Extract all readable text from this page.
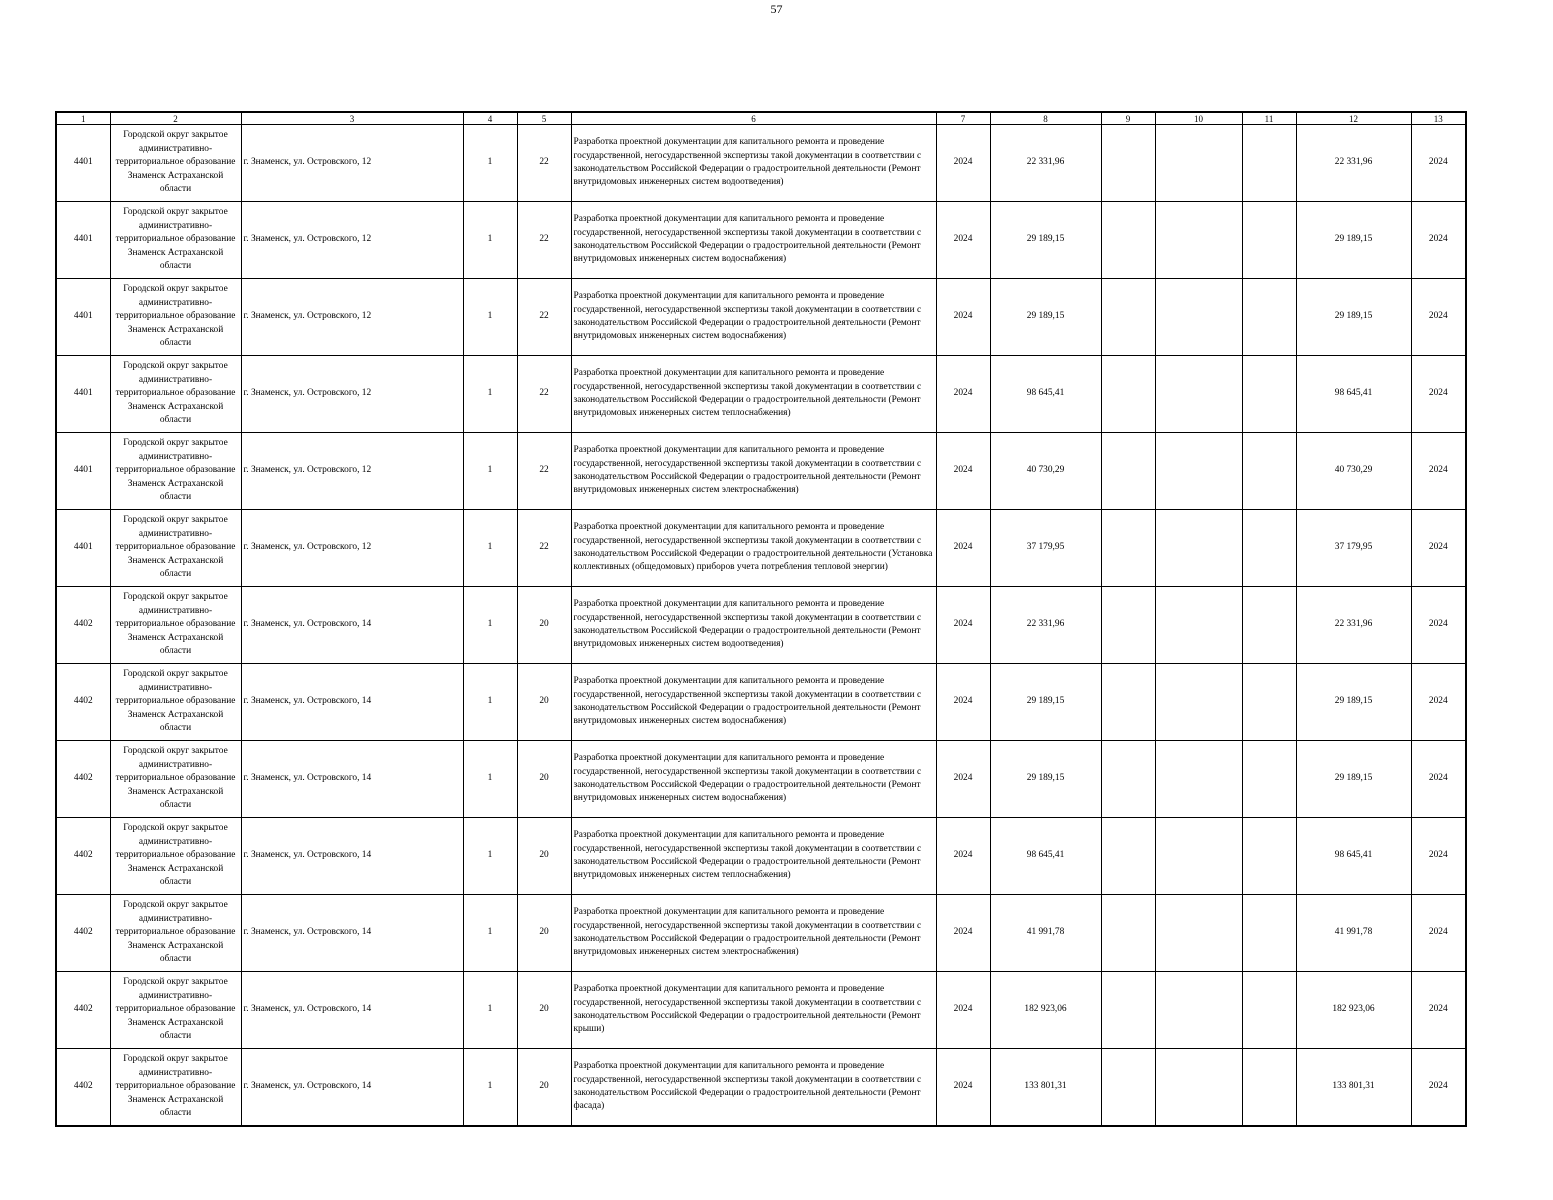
57
1	2	3	4	5	6	7	8	9	10	11	12	13
4401	Городской округ закрытое административно-территориальное образование Знаменск Астраханской области	г. Знаменск, ул. Островского, 12	1	22	Разработка проектной документации для капитального ремонта и проведение государственной, негосударственной экспертизы такой документации в соответствии с законодательством Российской Федерации о градостроительной деятельности (Ремонт внутридомовых инженерных систем водоотведения)	2024	22 331,96				22 331,96	2024
4401	Городской округ закрытое административно-территориальное образование Знаменск Астраханской области	г. Знаменск, ул. Островского, 12	1	22	Разработка проектной документации для капитального ремонта и проведение государственной, негосударственной экспертизы такой документации в соответствии с законодательством Российской Федерации о градостроительной деятельности (Ремонт внутридомовых инженерных систем водоснабжения)	2024	29 189,15				29 189,15	2024
4401	Городской округ закрытое административно-территориальное образование Знаменск Астраханской области	г. Знаменск, ул. Островского, 12	1	22	Разработка проектной документации для капитального ремонта и проведение государственной, негосударственной экспертизы такой документации в соответствии с законодательством Российской Федерации о градостроительной деятельности (Ремонт внутридомовых инженерных систем водоснабжения)	2024	29 189,15				29 189,15	2024
4401	Городской округ закрытое административно-территориальное образование Знаменск Астраханской области	г. Знаменск, ул. Островского, 12	1	22	Разработка проектной документации для капитального ремонта и проведение государственной, негосударственной экспертизы такой документации в соответствии с законодательством Российской Федерации о градостроительной деятельности (Ремонт внутридомовых инженерных систем теплоснабжения)	2024	98 645,41				98 645,41	2024
4401	Городской округ закрытое административно-территориальное образование Знаменск Астраханской области	г. Знаменск, ул. Островского, 12	1	22	Разработка проектной документации для капитального ремонта и проведение государственной, негосударственной экспертизы такой документации в соответствии с законодательством Российской Федерации о градостроительной деятельности (Ремонт внутридомовых инженерных систем электроснабжения)	2024	40 730,29				40 730,29	2024
4401	Городской округ закрытое административно-территориальное образование Знаменск Астраханской области	г. Знаменск, ул. Островского, 12	1	22	Разработка проектной документации для капитального ремонта и проведение государственной, негосударственной экспертизы такой документации в соответствии с законодательством Российской Федерации о градостроительной деятельности (Установка коллективных (общедомовых) приборов учета потребления тепловой энергии)	2024	37 179,95				37 179,95	2024
4402	Городской округ закрытое административно-территориальное образование Знаменск Астраханской области	г. Знаменск, ул. Островского, 14	1	20	Разработка проектной документации для капитального ремонта и проведение государственной, негосударственной экспертизы такой документации в соответствии с законодательством Российской Федерации о градостроительной деятельности (Ремонт внутридомовых инженерных систем водоотведения)	2024	22 331,96				22 331,96	2024
4402	Городской округ закрытое административно-территориальное образование Знаменск Астраханской области	г. Знаменск, ул. Островского, 14	1	20	Разработка проектной документации для капитального ремонта и проведение государственной, негосударственной экспертизы такой документации в соответствии с законодательством Российской Федерации о градостроительной деятельности (Ремонт внутридомовых инженерных систем водоснабжения)	2024	29 189,15				29 189,15	2024
4402	Городской округ закрытое административно-территориальное образование Знаменск Астраханской области	г. Знаменск, ул. Островского, 14	1	20	Разработка проектной документации для капитального ремонта и проведение государственной, негосударственной экспертизы такой документации в соответствии с законодательством Российской Федерации о градостроительной деятельности (Ремонт внутридомовых инженерных систем водоснабжения)	2024	29 189,15				29 189,15	2024
4402	Городской округ закрытое административно-территориальное образование Знаменск Астраханской области	г. Знаменск, ул. Островского, 14	1	20	Разработка проектной документации для капитального ремонта и проведение государственной, негосударственной экспертизы такой документации в соответствии с законодательством Российской Федерации о градостроительной деятельности (Ремонт внутридомовых инженерных систем теплоснабжения)	2024	98 645,41				98 645,41	2024
4402	Городской округ закрытое административно-территориальное образование Знаменск Астраханской области	г. Знаменск, ул. Островского, 14	1	20	Разработка проектной документации для капитального ремонта и проведение государственной, негосударственной экспертизы такой документации в соответствии с законодательством Российской Федерации о градостроительной деятельности (Ремонт внутридомовых инженерных систем электроснабжения)	2024	41 991,78				41 991,78	2024
4402	Городской округ закрытое административно-территориальное образование Знаменск Астраханской области	г. Знаменск, ул. Островского, 14	1	20	Разработка проектной документации для капитального ремонта и проведение государственной, негосударственной экспертизы такой документации в соответствии с законодательством Российской Федерации о градостроительной деятельности (Ремонт крыши)	2024	182 923,06				182 923,06	2024
4402	Городской округ закрытое административно-территориальное образование Знаменск Астраханской области	г. Знаменск, ул. Островского, 14	1	20	Разработка проектной документации для капитального ремонта и проведение государственной, негосударственной экспертизы такой документации в соответствии с законодательством Российской Федерации о градостроительной деятельности (Ремонт фасада)	2024	133 801,31				133 801,31	2024
